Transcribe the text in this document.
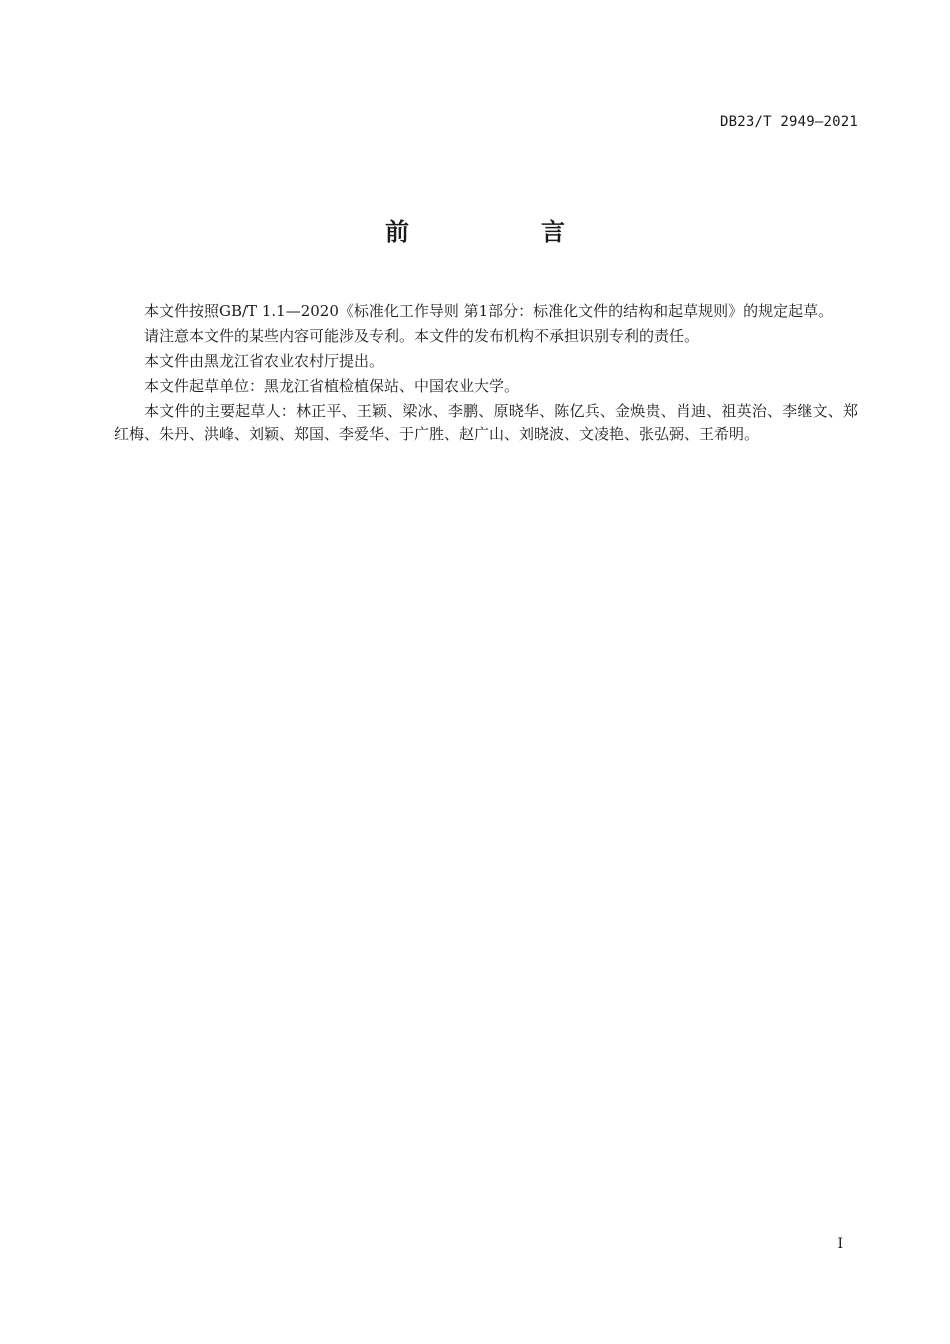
DB23/T 2949—2021
前　言

本文件按照GB/T 1.1—2020《标准化工作导则 第1部分：标准化文件的结构和起草规则》的规定起草。

请注意本文件的某些内容可能涉及专利。本文件的发布机构不承担识别专利的责任。

本文件由黑龙江省农业农村厅提出。

本文件起草单位：黑龙江省植检植保站、中国农业大学。

本文件的主要起草人：林正平、王颖、梁冰、李鹏、原晓华、陈亿兵、金焕贵、肖迪、祖英治、李继文、郑红梅、朱丹、洪峰、刘颖、郑国、李爱华、于广胜、赵广山、刘晓波、文凌艳、张弘弼、王希明。

I
